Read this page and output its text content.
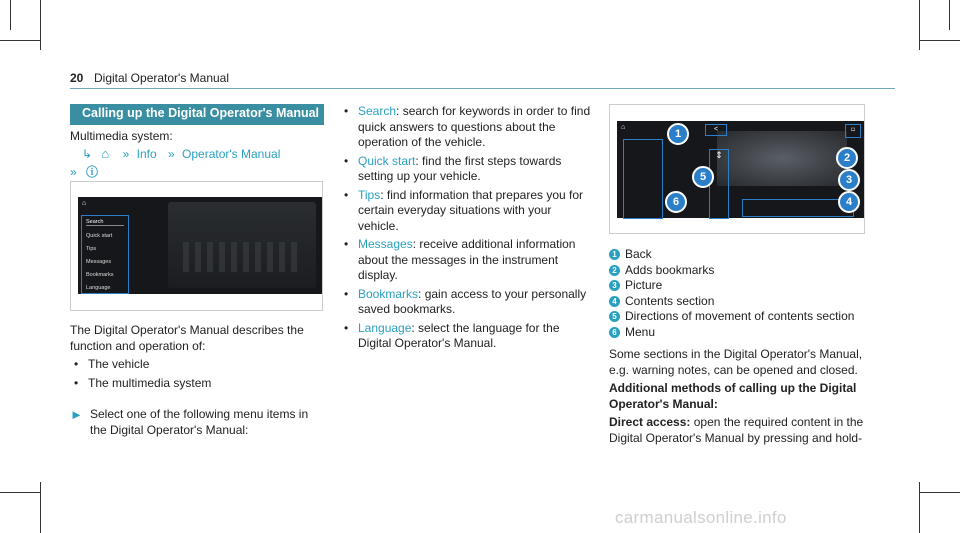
20 Digital Operator's Manual
Calling up the Digital Operator's Manual
Multimedia system:
↳ ⌂ » Info » Operator's Manual
» ⓘ
⌂
Search
Quick start
Tips
Messages
Bookmarks
Language
The Digital Operator's Manual describes the function and operation of:
• The vehicle
• The multimedia system
► Select one of the following menu items in the Digital Operator's Manual:
• Search: search for keywords in order to find quick answers to questions about the operation of the vehicle.
• Quick start: find the first steps towards setting up your vehicle.
• Tips: find information that prepares you for certain everyday situations with your vehicle.
• Messages: receive additional information about the messages in the instrument display.
• Bookmarks: gain access to your personally saved bookmarks.
• Language: select the language for the Digital Operator's Manual.
⌂	<	⌑
⇕
1
2
3
4
5
6
1 Back
2 Adds bookmarks
3 Picture
4 Contents section
5 Directions of movement of contents section
6 Menu
Some sections in the Digital Operator's Manual, e.g. warning notes, can be opened and closed.
Additional methods of calling up the Digital Operator's Manual:
Direct access: open the required content in the Digital Operator's Manual by pressing and hold-
carmanualsonline.info
